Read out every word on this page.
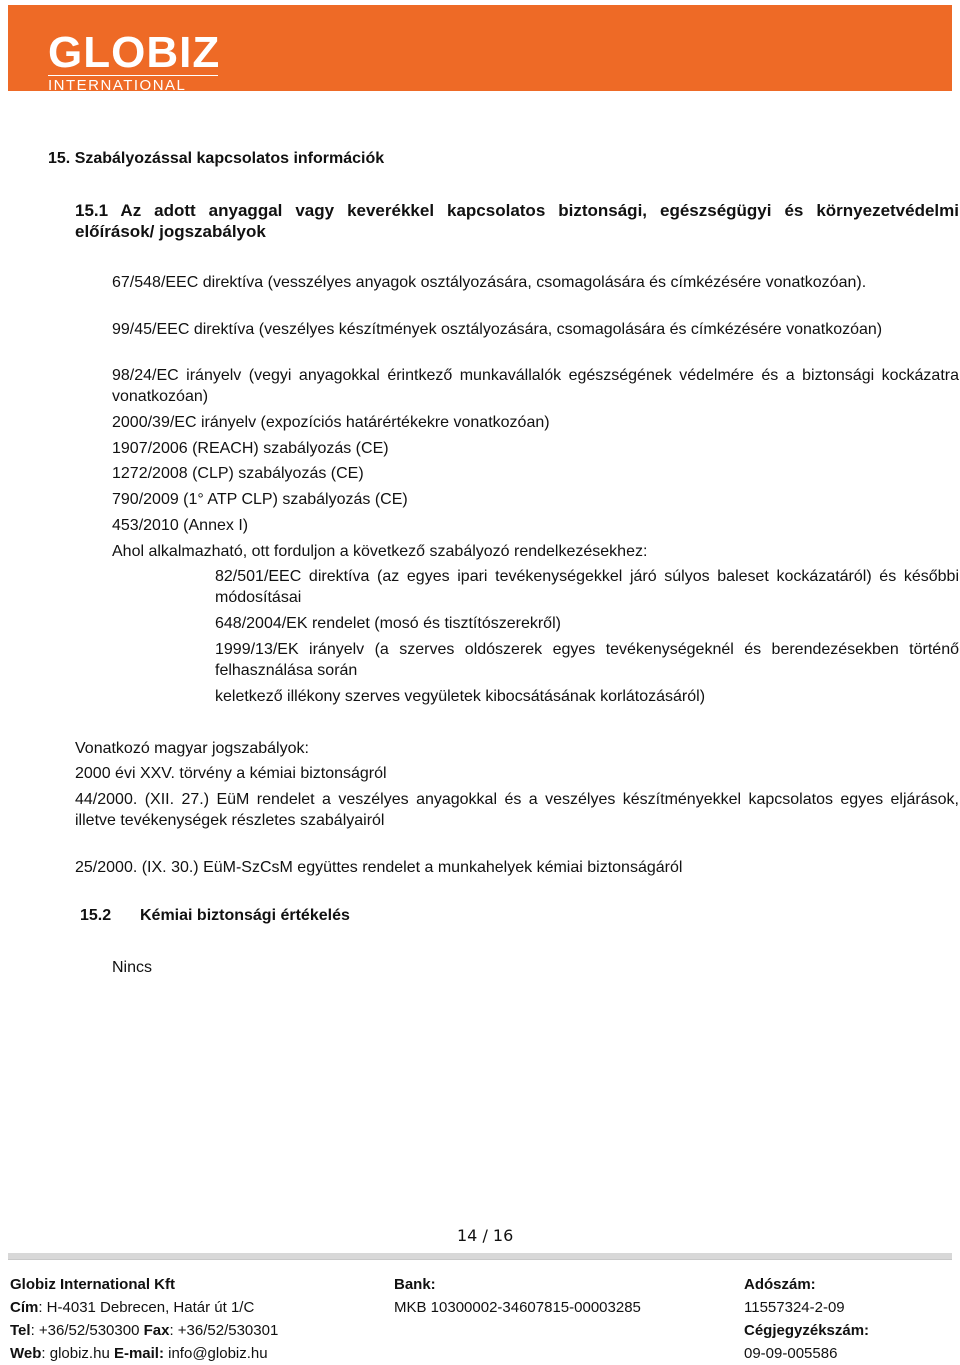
GLOBIZ
INTERNATIONAL
15. Szabályozással kapcsolatos információk
15.1 Az adott anyaggal vagy keverékkel kapcsolatos biztonsági, egészségügyi és környezetvédelmi előírások/ jogszabályok
67/548/EEC direktíva (vesszélyes anyagok osztályozására, csomagolására és címkézésére vonatkozóan).
99/45/EEC direktíva (veszélyes készítmények osztályozására, csomagolására és címkézésére vonatkozóan)
98/24/EC irányelv (vegyi anyagokkal érintkező munkavállalók egészségének védelmére és a biztonsági kockázatra vonatkozóan)
2000/39/EC irányelv (expozíciós határértékekre vonatkozóan)
1907/2006 (REACH) szabályozás (CE)
1272/2008 (CLP) szabályozás (CE)
790/2009 (1° ATP CLP) szabályozás (CE)
453/2010 (Annex I)
Ahol alkalmazható, ott forduljon a következő szabályozó rendelkezésekhez:
82/501/EEC direktíva (az egyes ipari tevékenységekkel járó súlyos baleset kockázatáról) és későbbi módosításai
648/2004/EK rendelet (mosó és tisztítószerekről)
1999/13/EK irányelv (a szerves oldószerek egyes tevékenységeknél és berendezésekben történő felhasználása során
keletkező illékony szerves vegyületek kibocsátásának korlátozásáról)
Vonatkozó magyar jogszabályok:
2000 évi XXV. törvény a kémiai biztonságról
44/2000. (XII. 27.) EüM rendelet a veszélyes anyagokkal és a veszélyes készítményekkel kapcsolatos egyes eljárások, illetve tevékenységek részletes szabályairól
25/2000. (IX. 30.) EüM-SzCsM együttes rendelet a munkahelyek kémiai biztonságáról
15.2 Kémiai biztonsági értékelés
Nincs
14 / 16
Globiz International Kft
Cím: H-4031 Debrecen, Határ út 1/C
Tel: +36/52/530300 Fax: +36/52/530301
Web: globiz.hu E-mail: info@globiz.hu
Bank:
MKB 10300002-34607815-00003285
Adószám:
11557324-2-09
Cégjegyzékszám:
09-09-005586
